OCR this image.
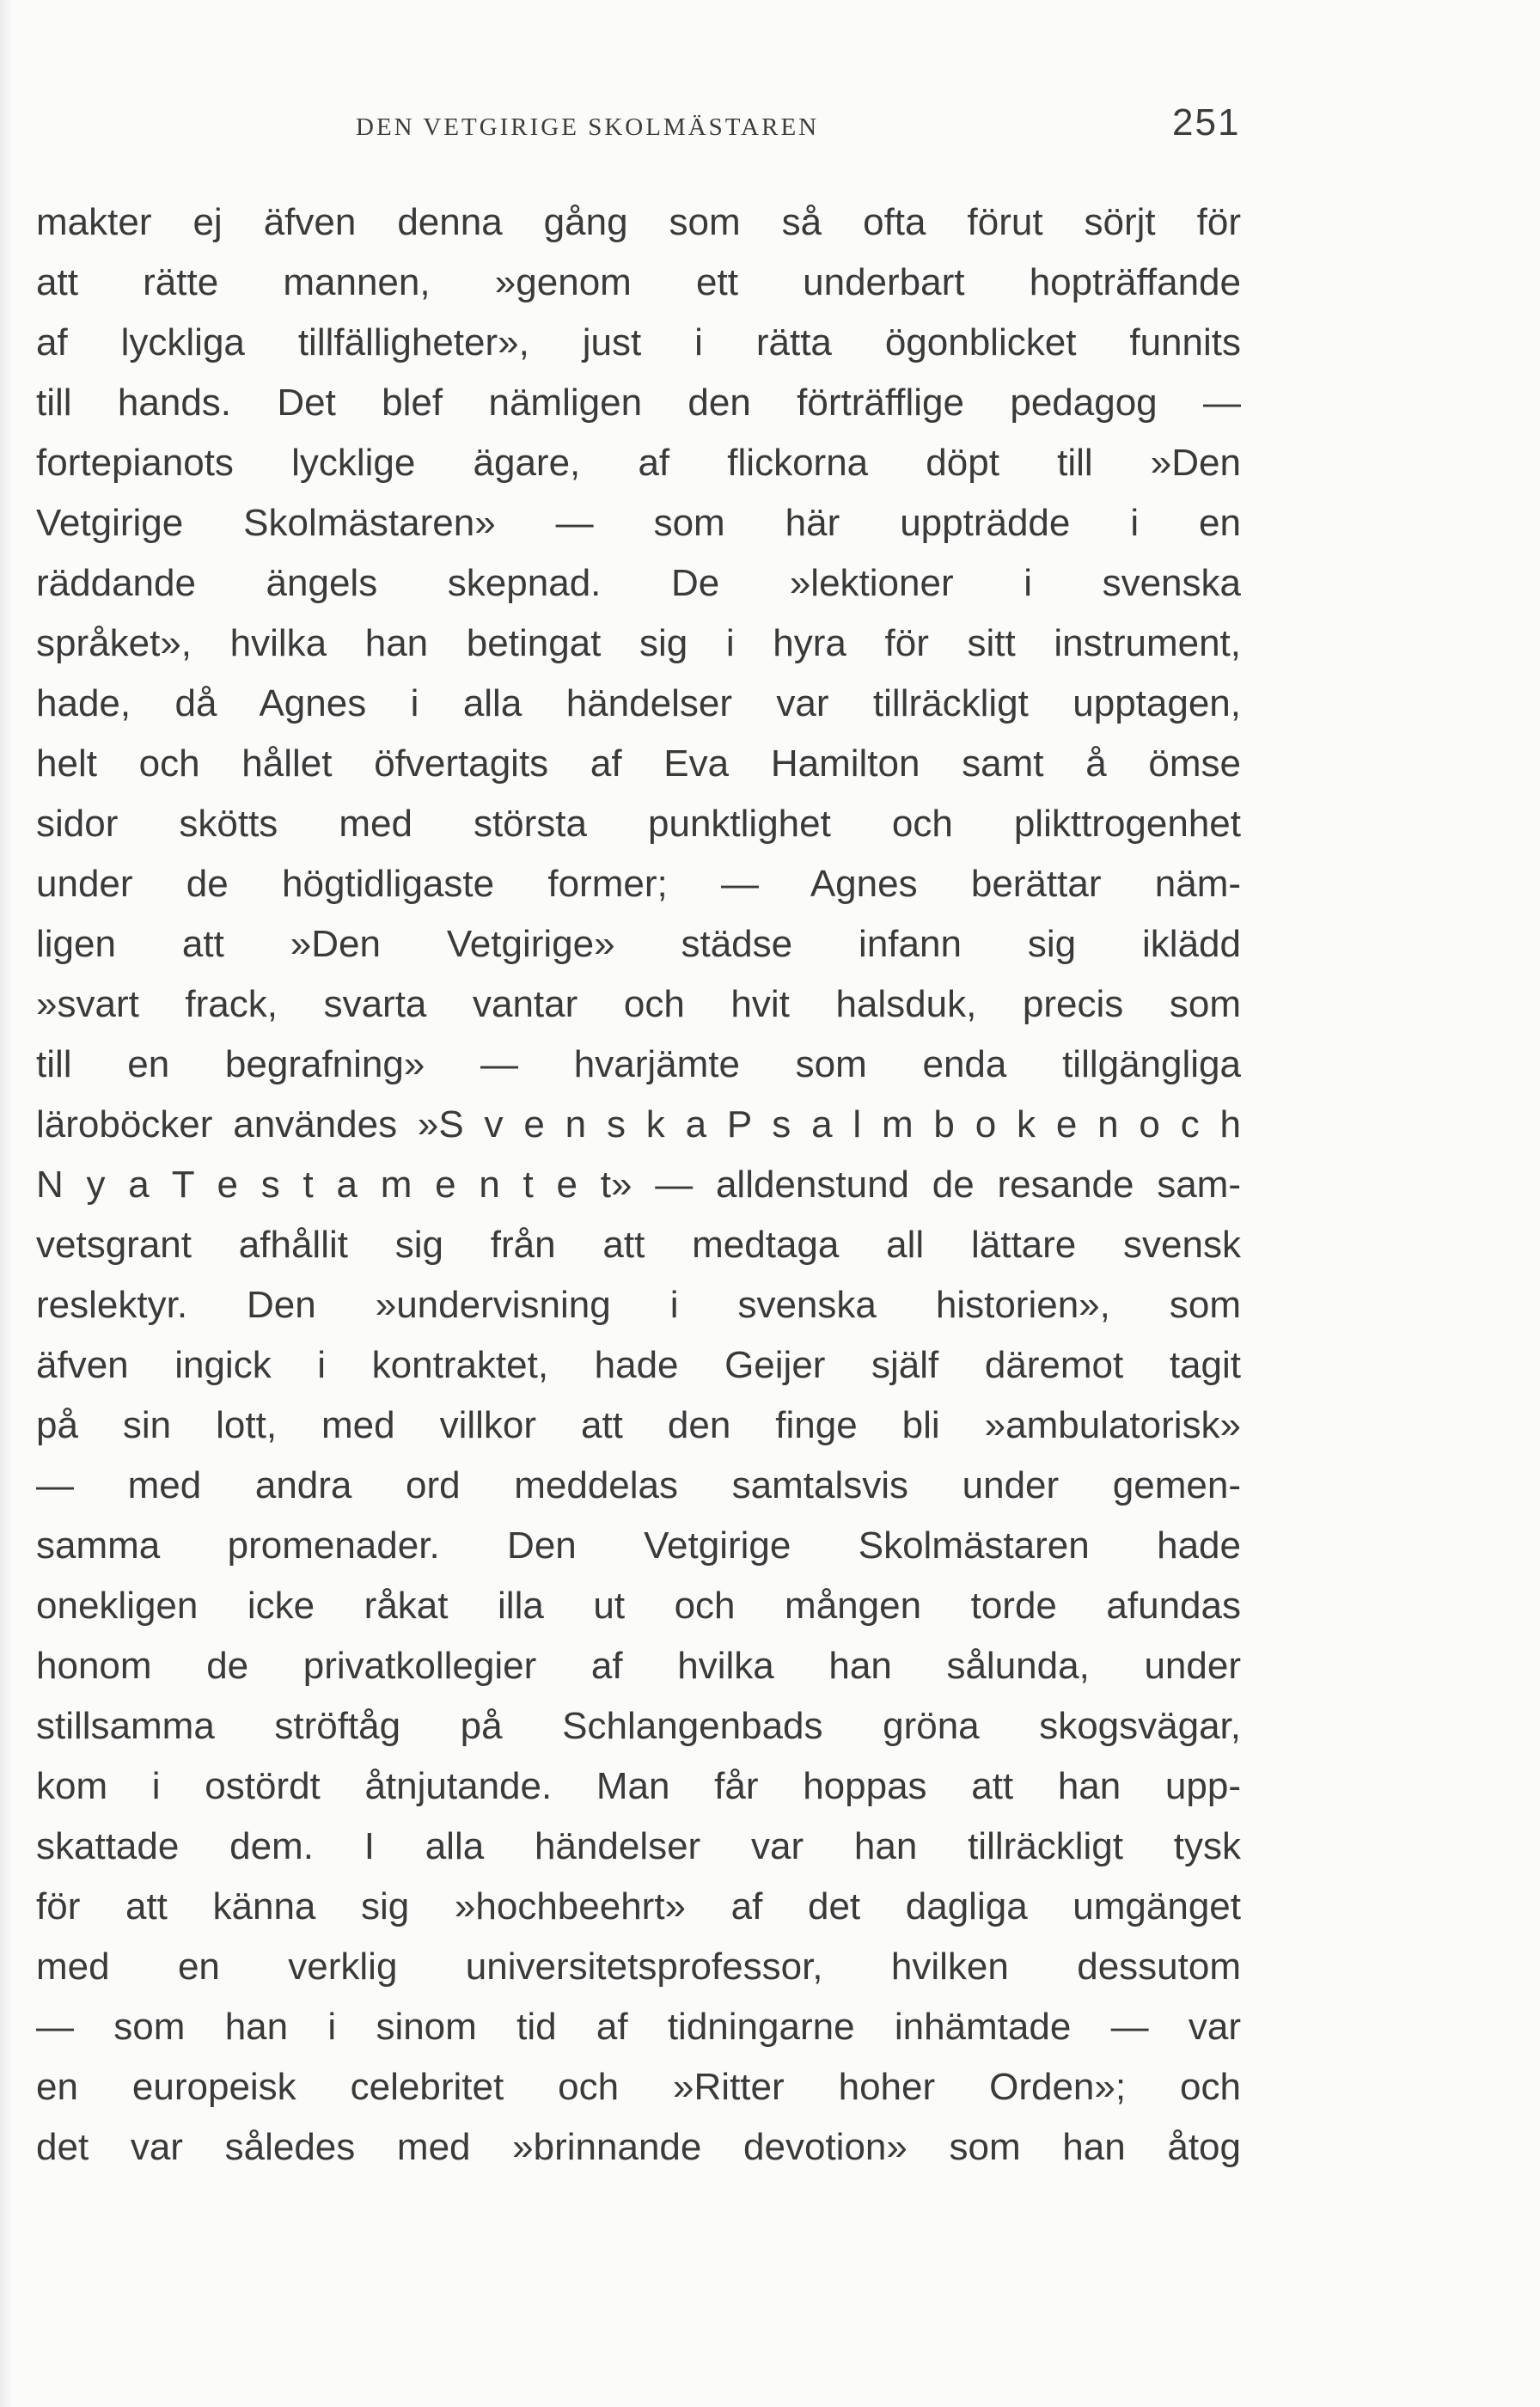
DEN VETGIRIGE SKOLMÄSTAREN	251
makter ej äfven denna gång som så ofta förut sörjt för
att rätte mannen, »genom ett underbart hopträffande
af lyckliga tillfälligheter», just i rätta ögonblicket funnits
till hands. Det blef nämligen den förträfflige pedagog —
fortepianots lycklige ägare, af flickorna döpt till »Den
Vetgirige Skolmästaren» — som här uppträdde i en
räddande ängels skepnad. De »lektioner i svenska
språket», hvilka han betingat sig i hyra för sitt instrument,
hade, då Agnes i alla händelser var tillräckligt upptagen,
helt och hållet öfvertagits af Eva Hamilton samt å ömse
sidor skötts med största punktlighet och plikttrogenhet
under de högtidligaste former; — Agnes berättar näm-
ligen att »Den Vetgirige» städse infann sig iklädd
»svart frack, svarta vantar och hvit halsduk, precis som
till en begrafning» — hvarjämte som enda tillgängliga
läroböcker användes »S v e n s k a P s a l m b o k e n o c h
N y a T e s t a m e n t e t» — alldenstund de resande sam-
vetsgrant afhållit sig från att medtaga all lättare svensk
reslektyr. Den »undervisning i svenska historien», som
äfven ingick i kontraktet, hade Geijer själf däremot tagit
på sin lott, med villkor att den finge bli »ambulatorisk»
— med andra ord meddelas samtalsvis under gemen-
samma promenader. Den Vetgirige Skolmästaren hade
onekligen icke råkat illa ut och mången torde afundas
honom de privatkollegier af hvilka han sålunda, under
stillsamma ströftåg på Schlangenbads gröna skogsvägar,
kom i ostördt åtnjutande. Man får hoppas att han upp-
skattade dem. I alla händelser var han tillräckligt tysk
för att känna sig »hochbeehrt» af det dagliga umgänget
med en verklig universitetsprofessor, hvilken dessutom
— som han i sinom tid af tidningarne inhämtade — var
en europeisk celebritet och »Ritter hoher Orden»; och
det var således med »brinnande devotion» som han åtog
